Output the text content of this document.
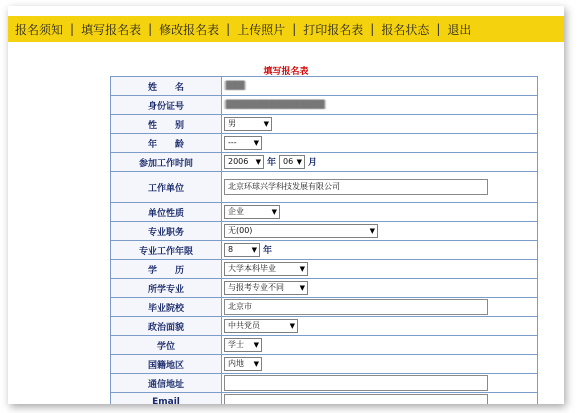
报名须知 | 填写报名表 | 修改报名表 | 上传照片 | 打印报名表 | 报名状态 | 退出
填写报名表
姓　　名	███
身份证号	████████████████
性　　别	男 ▼

年　　龄	--- ▼

参加工作时间	2006 ▼ 年 06 ▼ 月
工作单位	北京环球兴学科技发展有限公司
单位性质	企业 ▼

专业职务	无(00) ▼

专业工作年限	8 ▼ 年
学　　历	大学本科毕业 ▼

所学专业	与报考专业不同 ▼

毕业院校	北京市
政治面貌	中共党员 ▼

学位	学士 ▼

国籍地区	内地 ▼

通信地址	
Email	
